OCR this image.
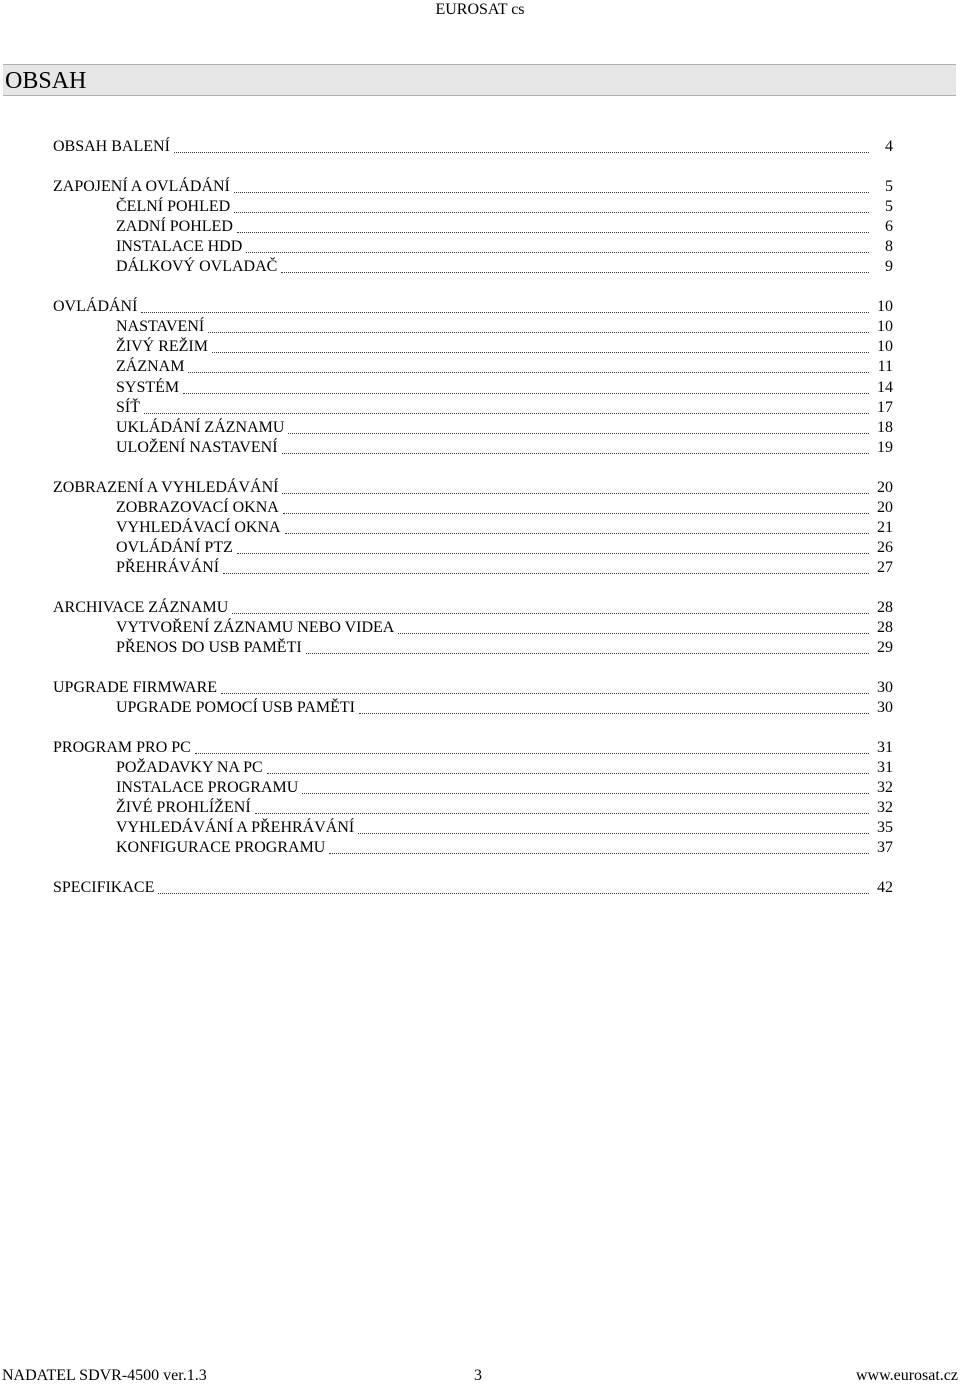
EUROSAT cs
OBSAH
OBSAH BALENÍ	4
ZAPOJENÍ A OVLÁDÁNÍ	5
ČELNÍ POHLED	5
ZADNÍ POHLED	6
INSTALACE HDD	8
DÁLKOVÝ OVLADAČ	9
OVLÁDÁNÍ	10
NASTAVENÍ	10
ŽIVÝ REŽIM	10
ZÁZNAM	11
SYSTÉM	14
SÍŤ	17
UKLÁDÁNÍ ZÁZNAMU	18
ULOŽENÍ NASTAVENÍ	19
ZOBRAZENÍ A VYHLEDÁVÁNÍ	20
ZOBRAZOVACÍ OKNA	20
VYHLEDÁVACÍ OKNA	21
OVLÁDÁNÍ PTZ	26
PŘEHRÁVÁNÍ	27
ARCHIVACE ZÁZNAMU	28
VYTVOŘENÍ ZÁZNAMU NEBO VIDEA	28
PŘENOS DO USB PAMĚTI	29
UPGRADE FIRMWARE	30
UPGRADE POMOCÍ USB PAMĚTI	30
PROGRAM PRO PC	31
POŽADAVKY NA PC	31
INSTALACE PROGRAMU	32
ŽIVÉ PROHLÍŽENÍ	32
VYHLEDÁVÁNÍ A PŘEHRÁVÁNÍ	35
KONFIGURACE PROGRAMU	37
SPECIFIKACE	42
NADATEL SDVR-4500 ver.1.3	3	www.eurosat.cz
